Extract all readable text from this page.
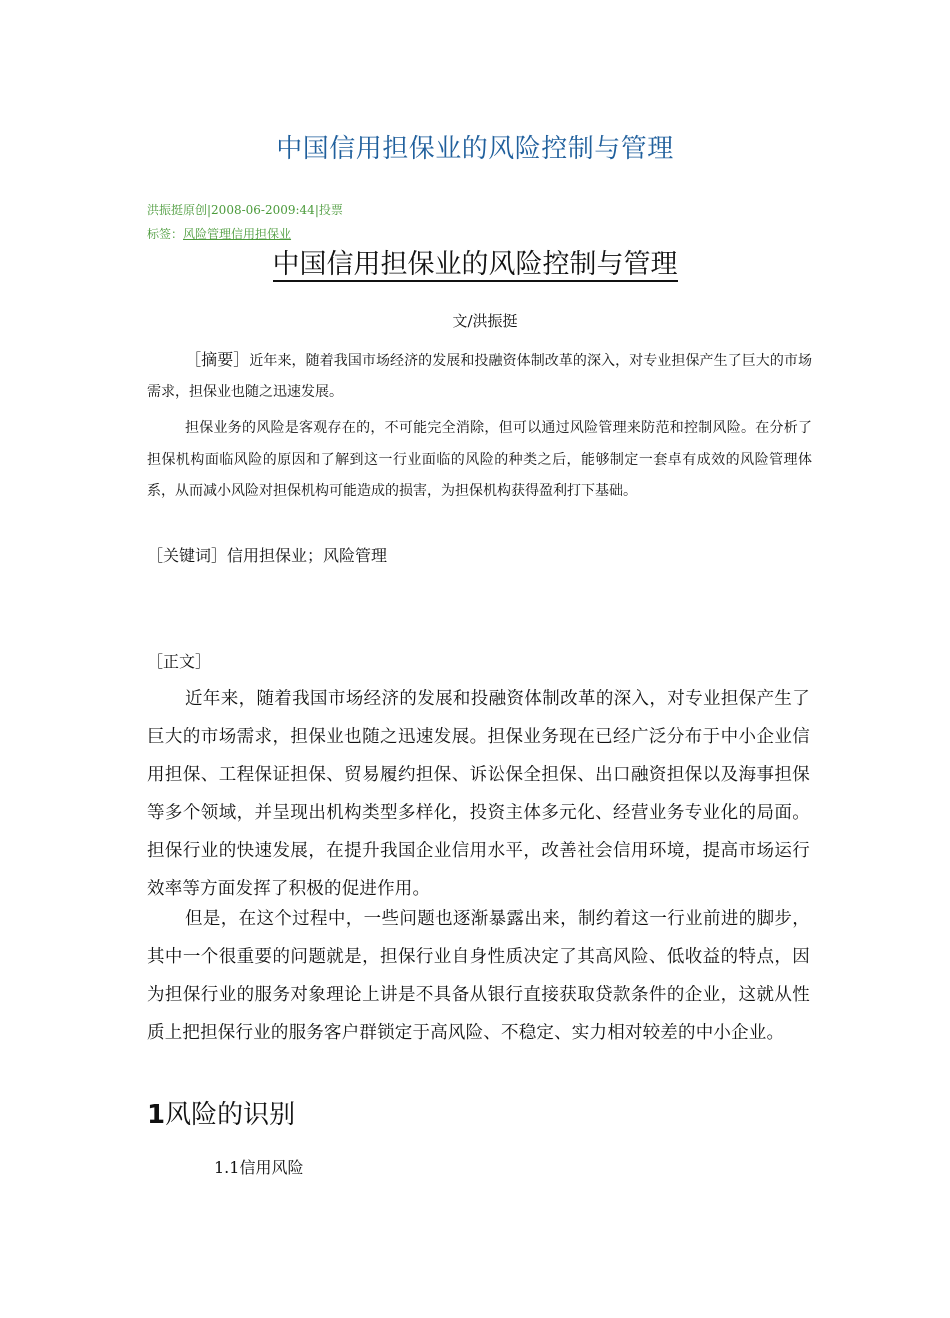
中国信用担保业的风险控制与管理
洪振挺原创|2008-06-2009:44|投票
标签：风险管理信用担保业
中国信用担保业的风险控制与管理
文/洪振挺
［摘要］近年来，随着我国市场经济的发展和投融资体制改革的深入，对专业担保产生了巨大的市场需求，担保业也随之迅速发展。
担保业务的风险是客观存在的，不可能完全消除，但可以通过风险管理来防范和控制风险。在分析了担保机构面临风险的原因和了解到这一行业面临的风险的种类之后，能够制定一套卓有成效的风险管理体系，从而减小风险对担保机构可能造成的损害，为担保机构获得盈利打下基础。
［关键词］信用担保业；风险管理
［正文］
近年来，随着我国市场经济的发展和投融资体制改革的深入，对专业担保产生了巨大的市场需求，担保业也随之迅速发展。担保业务现在已经广泛分布于中小企业信用担保、工程保证担保、贸易履约担保、诉讼保全担保、出口融资担保以及海事担保等多个领域，并呈现出机构类型多样化，投资主体多元化、经营业务专业化的局面。担保行业的快速发展，在提升我国企业信用水平，改善社会信用环境，提高市场运行效率等方面发挥了积极的促进作用。
但是，在这个过程中，一些问题也逐渐暴露出来，制约着这一行业前进的脚步，其中一个很重要的问题就是，担保行业自身性质决定了其高风险、低收益的特点，因为担保行业的服务对象理论上讲是不具备从银行直接获取贷款条件的企业，这就从性质上把担保行业的服务客户群锁定于高风险、不稳定、实力相对较差的中小企业。
1风险的识别
1.1信用风险
